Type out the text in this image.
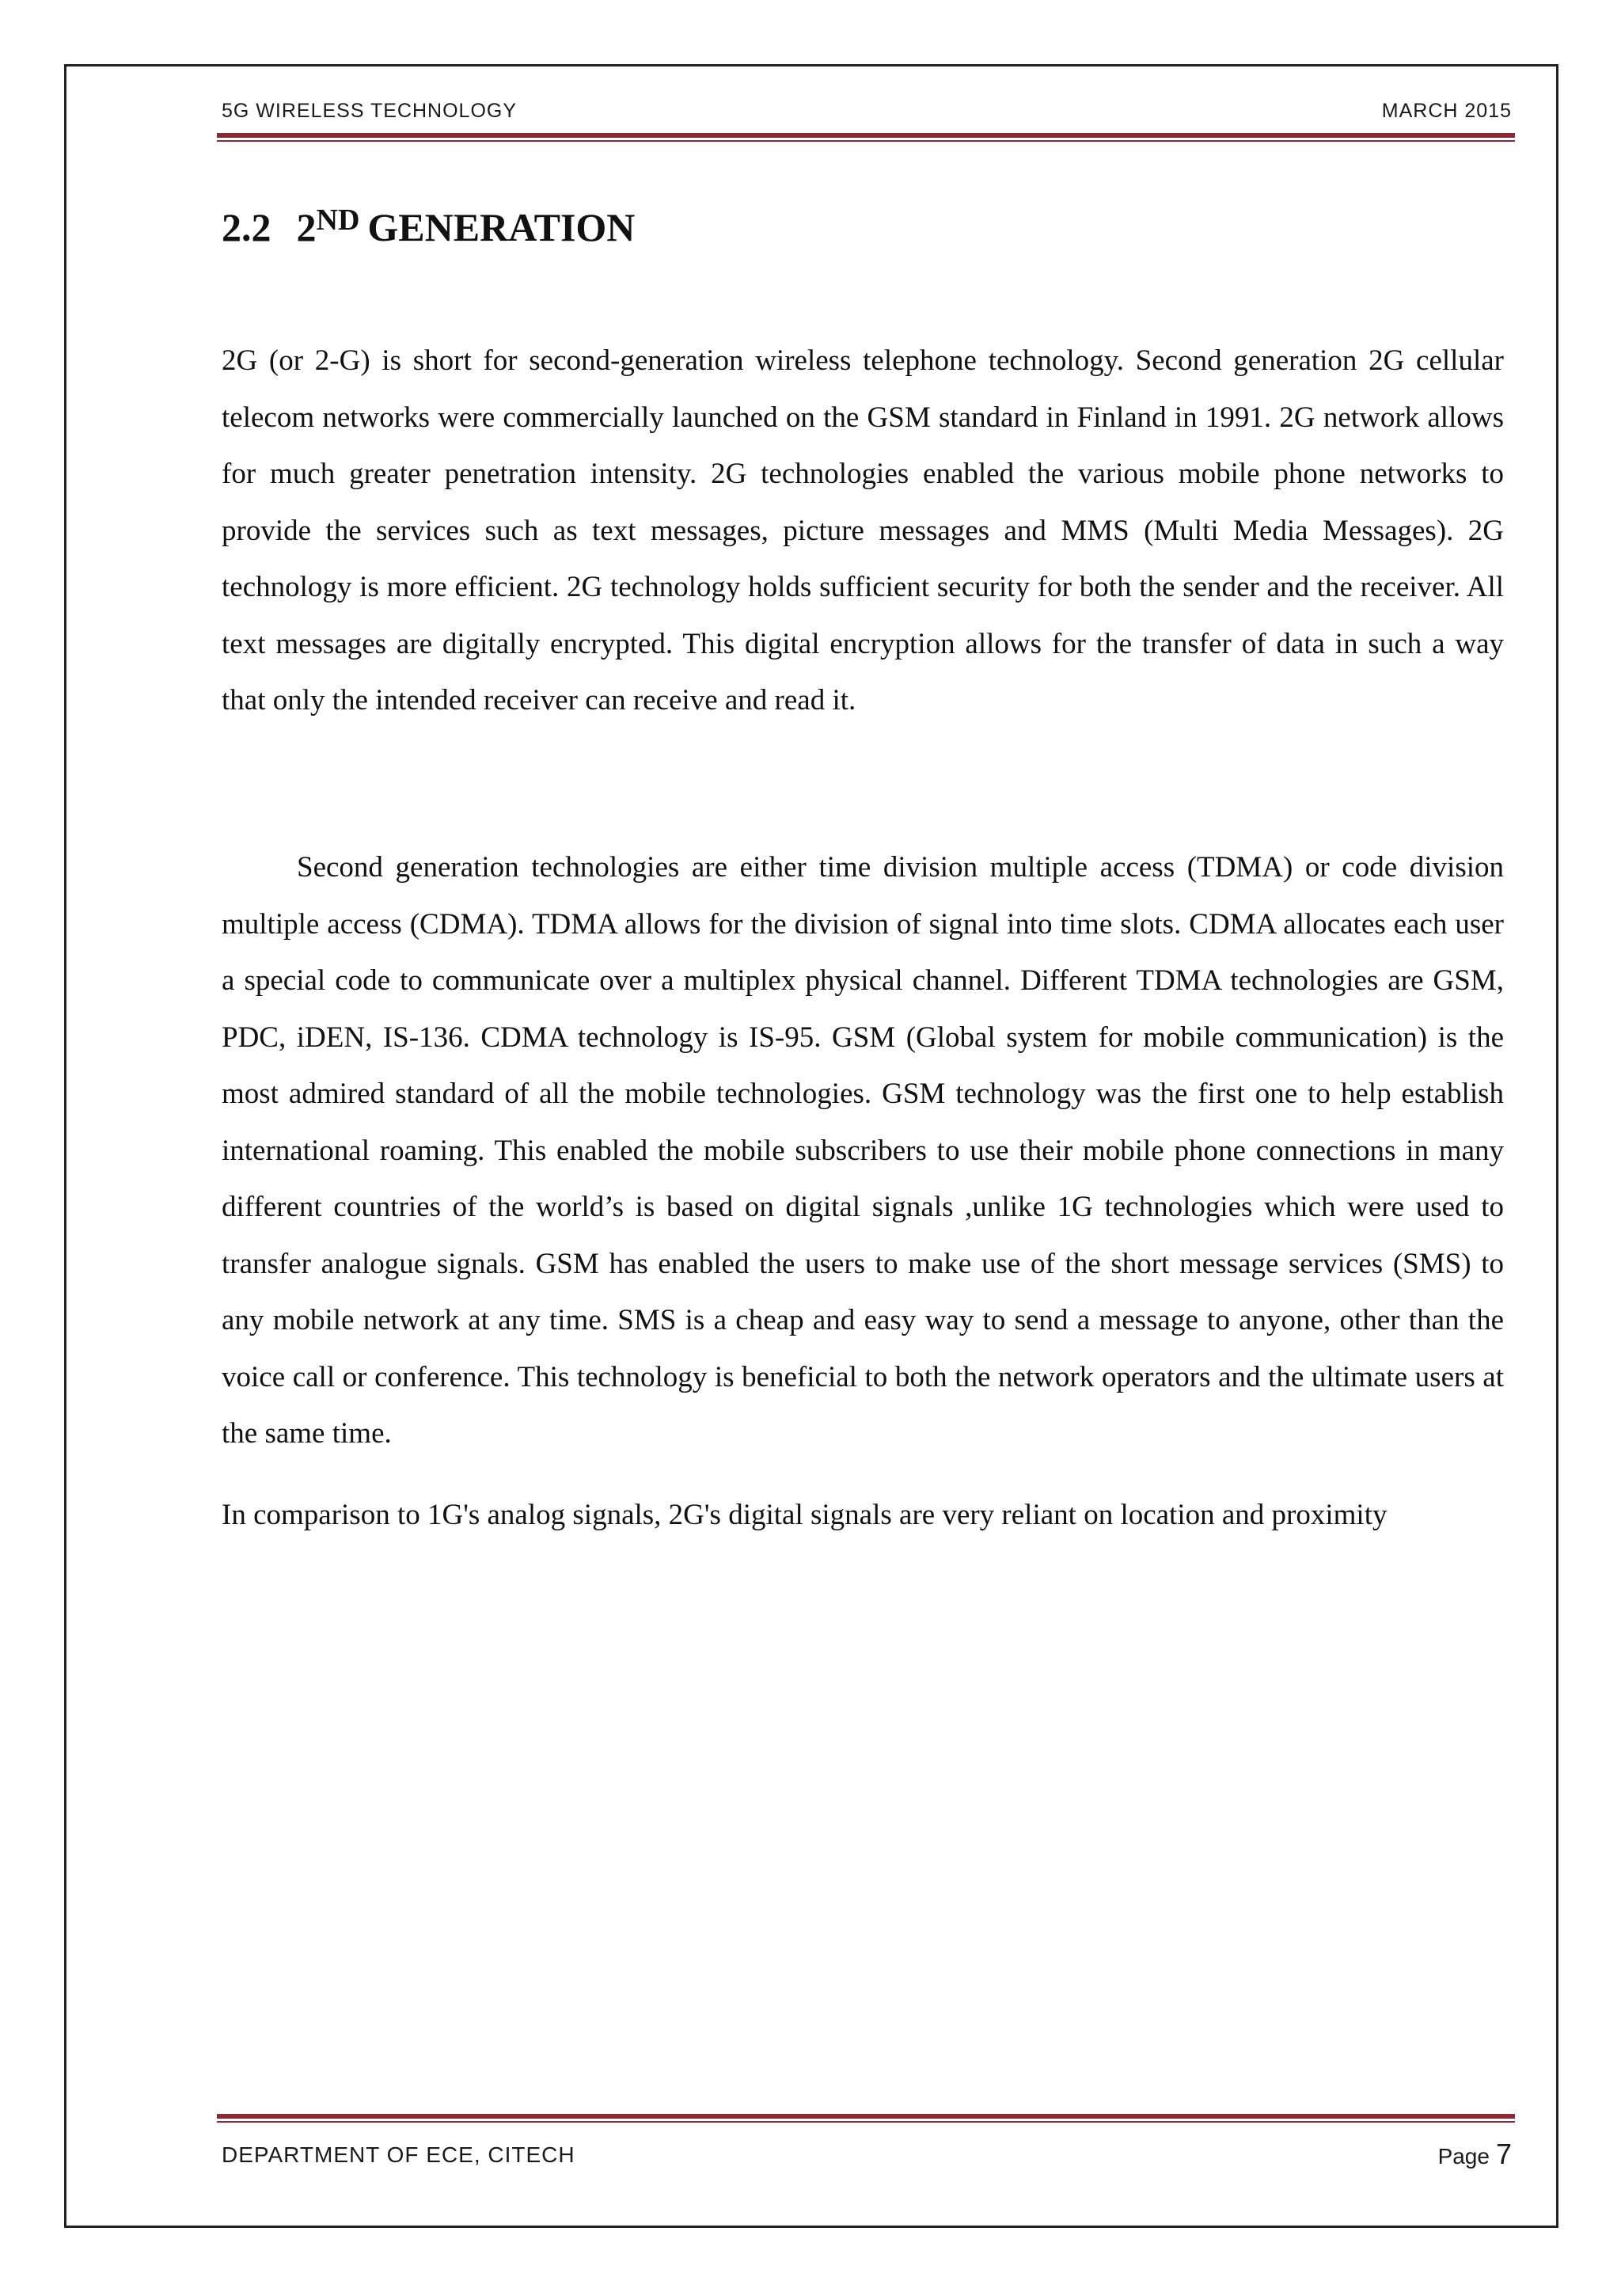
5G WIRELESS TECHNOLOGY	MARCH 2015
2.2 2ND GENERATION

2G (or 2-G) is short for second-generation wireless telephone technology. Second generation 2G cellular telecom networks were commercially launched on the GSM standard in Finland in 1991. 2G network allows for much greater penetration intensity. 2G technologies enabled the various mobile phone networks to provide the services such as text messages, picture messages and MMS (Multi Media Messages). 2G technology is more efficient. 2G technology holds sufficient security for both the sender and the receiver. All text messages are digitally encrypted. This digital encryption allows for the transfer of data in such a way that only the intended receiver can receive and read it.

Second generation technologies are either time division multiple access (TDMA) or code division multiple access (CDMA). TDMA allows for the division of signal into time slots. CDMA allocates each user a special code to communicate over a multiplex physical channel. Different TDMA technologies are GSM, PDC, iDEN, IS-136. CDMA technology is IS-95. GSM (Global system for mobile communication) is the most admired standard of all the mobile technologies. GSM technology was the first one to help establish international roaming. This enabled the mobile subscribers to use their mobile phone connections in many different countries of the world’s is based on digital signals ,unlike 1G technologies which were used to transfer analogue signals. GSM has enabled the users to make use of the short message services (SMS) to any mobile network at any time. SMS is a cheap and easy way to send a message to anyone, other than the voice call or conference. This technology is beneficial to both the network operators and the ultimate users at the same time.

In comparison to 1G's analog signals, 2G's digital signals are very reliant on location and proximity

DEPARTMENT OF ECE, CITECH	Page 7
